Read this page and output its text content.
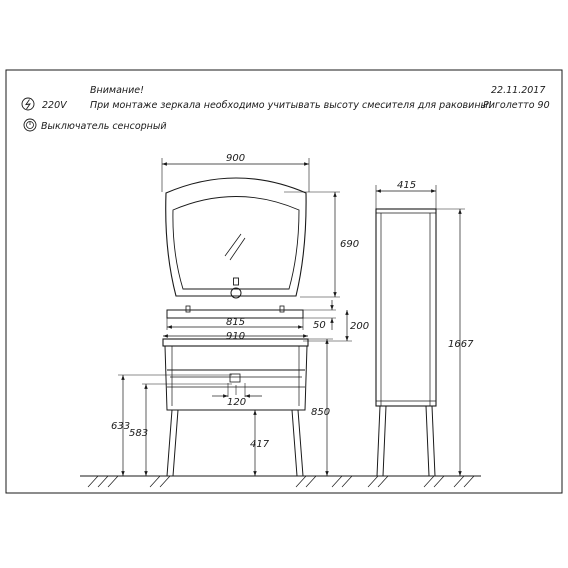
Внимание!
При монтаже зеркала необходимо учитывать высоту смесителя для раковины!
22.11.2017
Риголетто 90
220V
Выключатель сенсорный
900
690
815	50 200
910
850
120
633
583
417
415
1667
